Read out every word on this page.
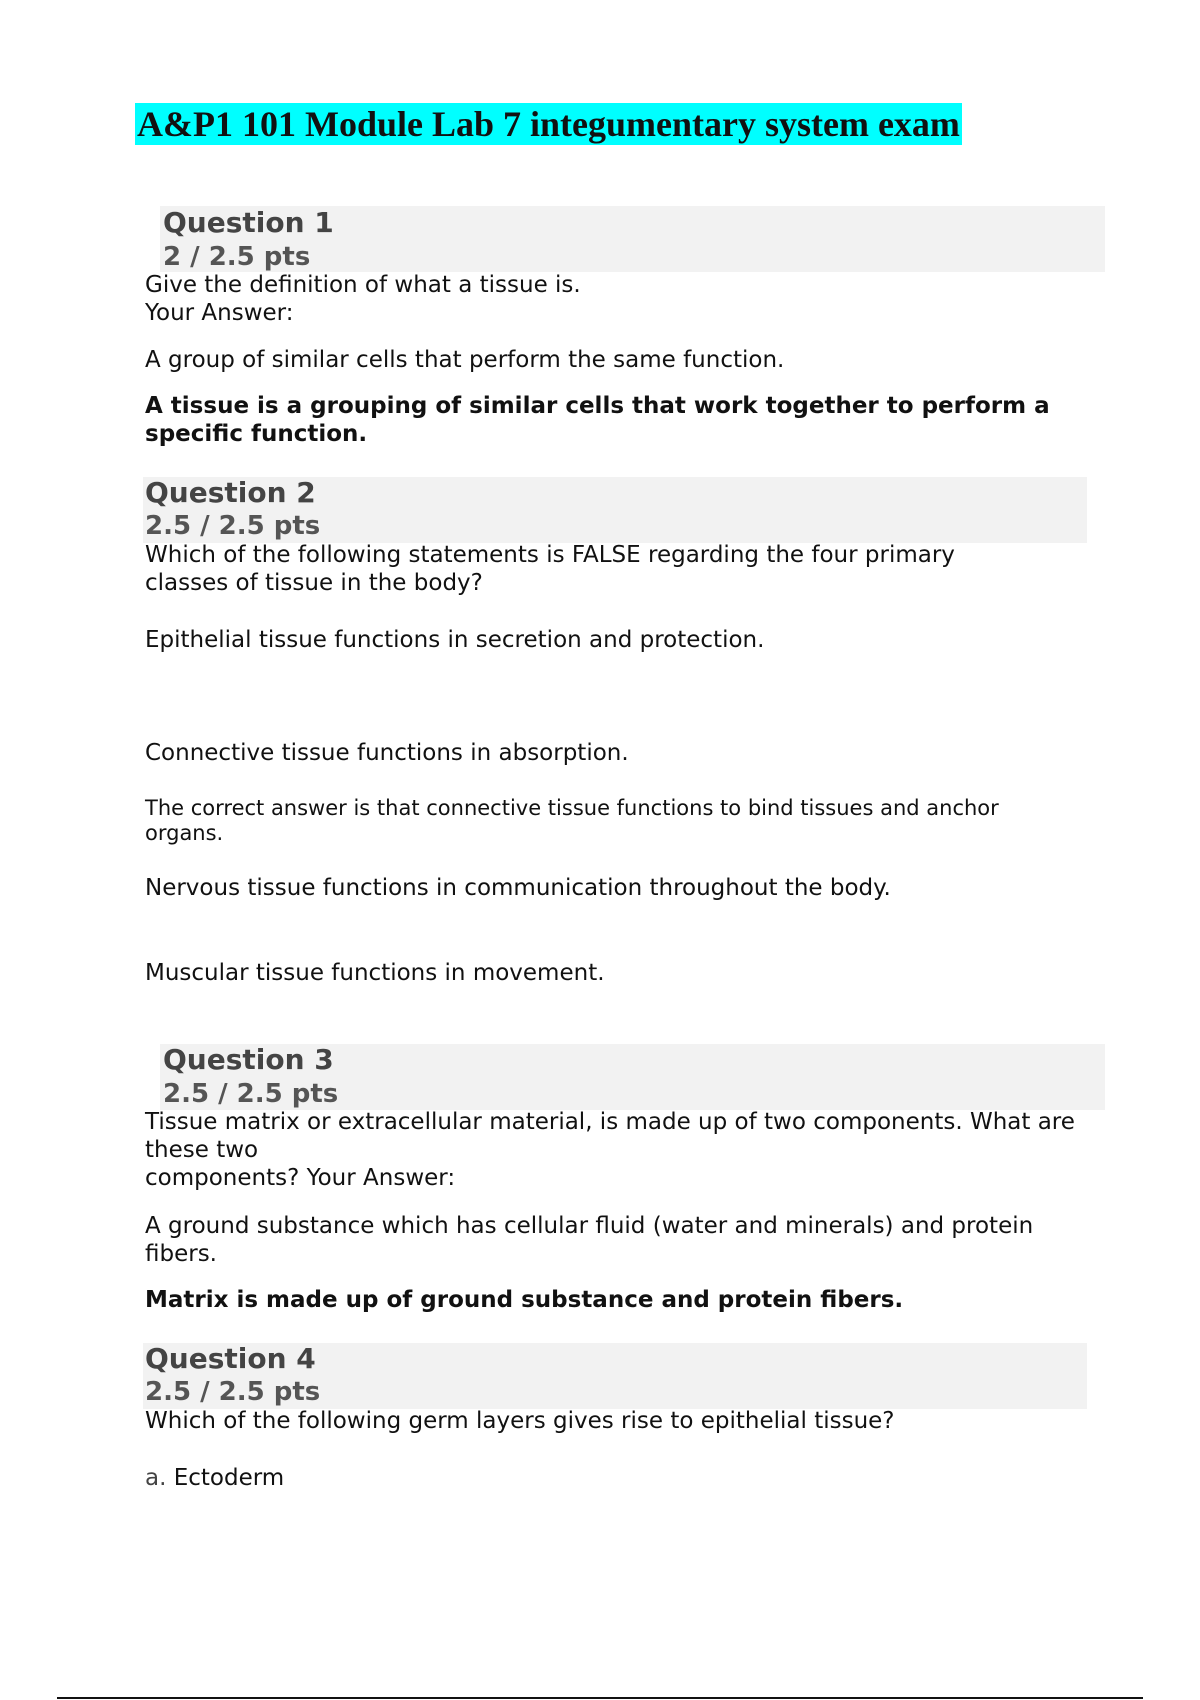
A&P1 101 Module Lab 7 integumentary system exam
Question 1
2 / 2.5 pts
Give the definition of what a tissue is.
Your Answer:
A group of similar cells that perform the same function.
A tissue is a grouping of similar cells that work together to perform a specific function.
Question 2
2.5 / 2.5 pts
Which of the following statements is FALSE regarding the four primary classes of tissue in the body?
Epithelial tissue functions in secretion and protection.
Connective tissue functions in absorption.
The correct answer is that connective tissue functions to bind tissues and anchor organs.
Nervous tissue functions in communication throughout the body.
Muscular tissue functions in movement.
Question 3
2.5 / 2.5 pts
Tissue matrix or extracellular material, is made up of two components. What are these two
components? Your Answer:
A ground substance which has cellular fluid (water and minerals) and protein fibers.
Matrix is made up of ground substance and protein fibers.
Question 4
2.5 / 2.5 pts
Which of the following germ layers gives rise to epithelial tissue?
a. Ectoderm
